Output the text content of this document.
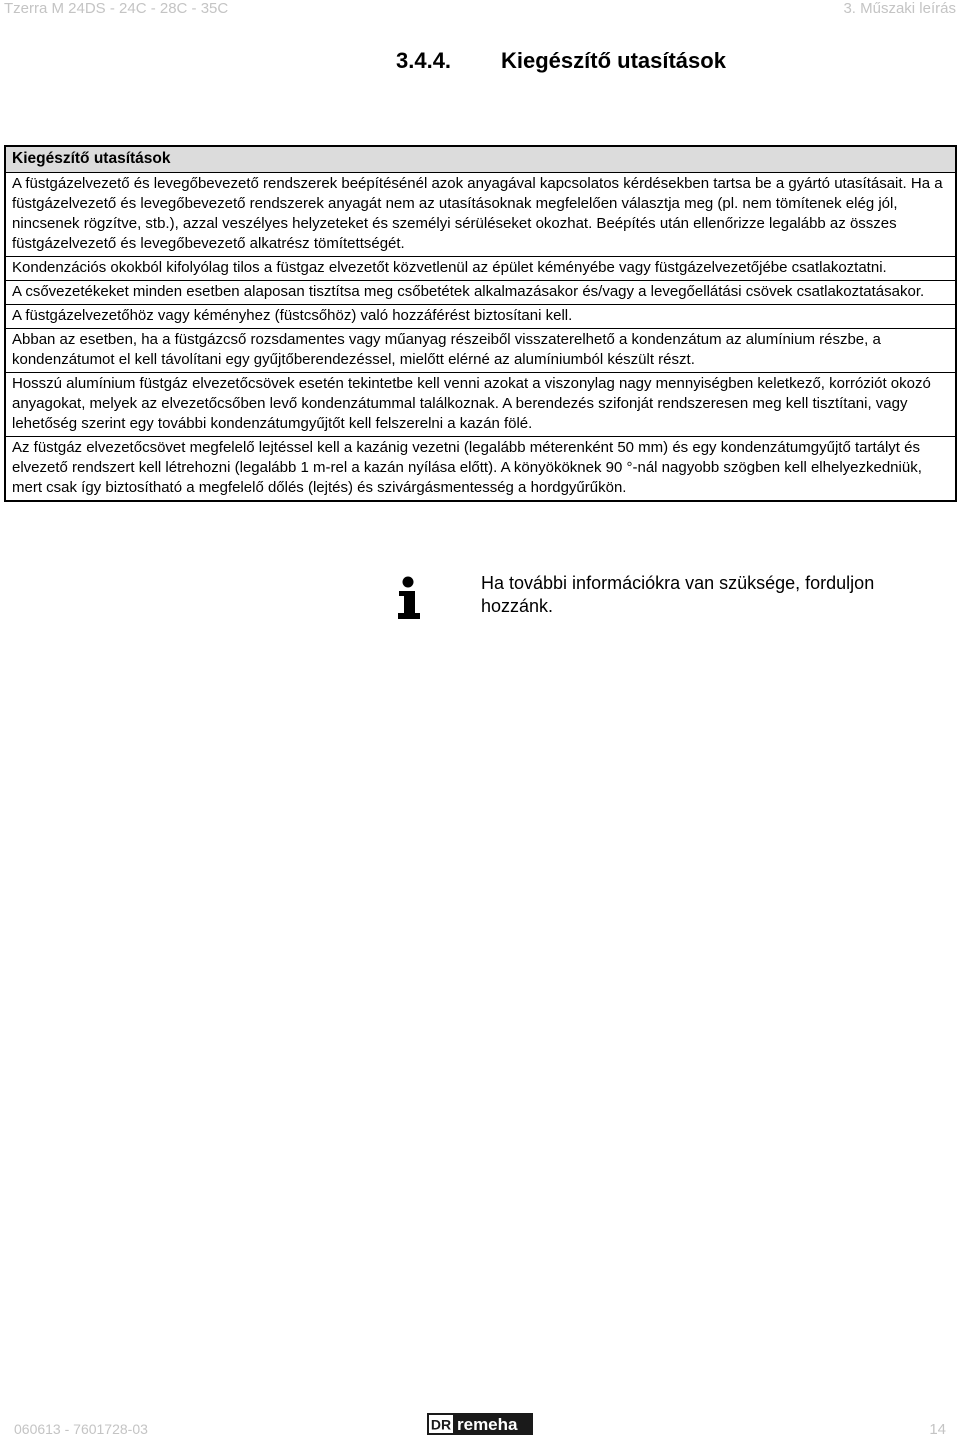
Tzerra M 24DS - 24C - 28C - 35C	3. Műszaki leírás
3.4.4. Kiegészítő utasítások
Kiegészítő utasítások
A füstgázelvezető és levegőbevezető rendszerek beépítésénél azok anyagával kapcsolatos kérdésekben tartsa be a gyártó utasításait. Ha a füstgázelvezető és levegőbevezető rendszerek anyagát nem az utasításoknak megfelelően választja meg (pl. nem tömítenek elég jól, nincsenek rögzítve, stb.), azzal veszélyes helyzeteket és személyi sérüléseket okozhat. Beépítés után ellenőrizze legalább az összes füstgázelvezető és levegőbevezető alkatrész tömítettségét.
Kondenzációs okokból kifolyólag tilos a füstgaz elvezetőt közvetlenül az épület kéményébe vagy füstgázelvezetőjébe csatlakoztatni.
A csővezetékeket minden esetben alaposan tisztítsa meg csőbetétek alkalmazásakor és/vagy a levegőellátási csövek csatlakoztatásakor.
A füstgázelvezetőhöz vagy kéményhez (füstcsőhöz) való hozzáférést biztosítani kell.
Abban az esetben, ha a füstgázcső rozsdamentes vagy műanyag részeiből visszaterelhető a kondenzátum az alumínium részbe, a kondenzátumot el kell távolítani egy gyűjtőberendezéssel, mielőtt elérné az alumíniumból készült részt.
Hosszú alumínium füstgáz elvezetőcsövek esetén tekintetbe kell venni azokat a viszonylag nagy mennyiségben keletkező, korróziót okozó anyagokat, melyek az elvezetőcsőben levő kondenzátummal találkoznak. A berendezés szifonját rendszeresen meg kell tisztítani, vagy lehetőség szerint egy további kondenzátumgyűjtőt kell felszerelni a kazán fölé.
Az füstgáz elvezetőcsövet megfelelő lejtéssel kell a kazánig vezetni (legalább méterenként 50 mm) és egy kondenzátumgyűjtő tartályt és elvezető rendszert kell létrehozni (legalább 1 m-rel a kazán nyílása előtt). A könyököknek 90 °-nál nagyobb szögben kell elhelyezkedniük, mert csak így biztosítható a megfelelő dőlés (lejtés) és szivárgásmentesség a hordgyűrűkön.
Ha további információkra van szüksége, forduljon hozzánk.
060613 - 7601728-03	DR remeha	14
